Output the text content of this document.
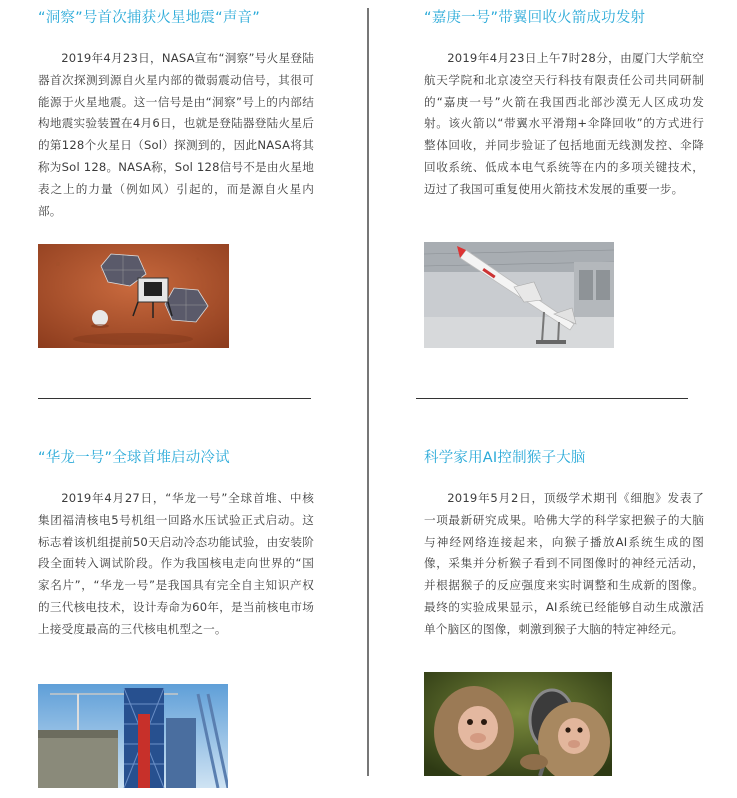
“洞察”号首次捕获火星地震“声音”

2019年4月23日，NASA宣布“洞察”号火星登陆器首次探测到源自火星内部的微弱震动信号，其很可能源于火星地震。这一信号是由“洞察”号上的内部结构地震实验装置在4月6日，也就是登陆器登陆火星后的第128个火星日（Sol）探测到的，因此NASA将其称为Sol 128。NASA称，Sol 128信号不是由火星地表之上的力量（例如风）引起的，而是源自火星内部。

“嘉庚一号”带翼回收火箭成功发射

2019年4月23日上午7时28分，由厦门大学航空航天学院和北京凌空天行科技有限责任公司共同研制的“嘉庚一号”火箭在我国西北部沙漠无人区成功发射。该火箭以“带翼水平滑翔+伞降回收”的方式进行整体回收，并同步验证了包括地面无线测发控、伞降回收系统、低成本电气系统等在内的多项关键技术，迈过了我国可重复使用火箭技术发展的重要一步。

“华龙一号”全球首堆启动冷试

2019年4月27日，“华龙一号”全球首堆、中核集团福清核电5号机组一回路水压试验正式启动。这标志着该机组提前50天启动冷态功能试验，由安装阶段全面转入调试阶段。作为我国核电走向世界的“国家名片”，“华龙一号”是我国具有完全自主知识产权的三代核电技术，设计寿命为60年，是当前核电市场上接受度最高的三代核电机型之一。

科学家用AI控制猴子大脑

2019年5月2日，顶级学术期刊《细胞》发表了一项最新研究成果。哈佛大学的科学家把猴子的大脑与神经网络连接起来，向猴子播放AI系统生成的图像，采集并分析猴子看到不同图像时的神经元活动，并根据猴子的反应强度来实时调整和生成新的图像。最终的实验成果显示，AI系统已经能够自动生成激活单个脑区的图像，刺激到猴子大脑的特定神经元。
